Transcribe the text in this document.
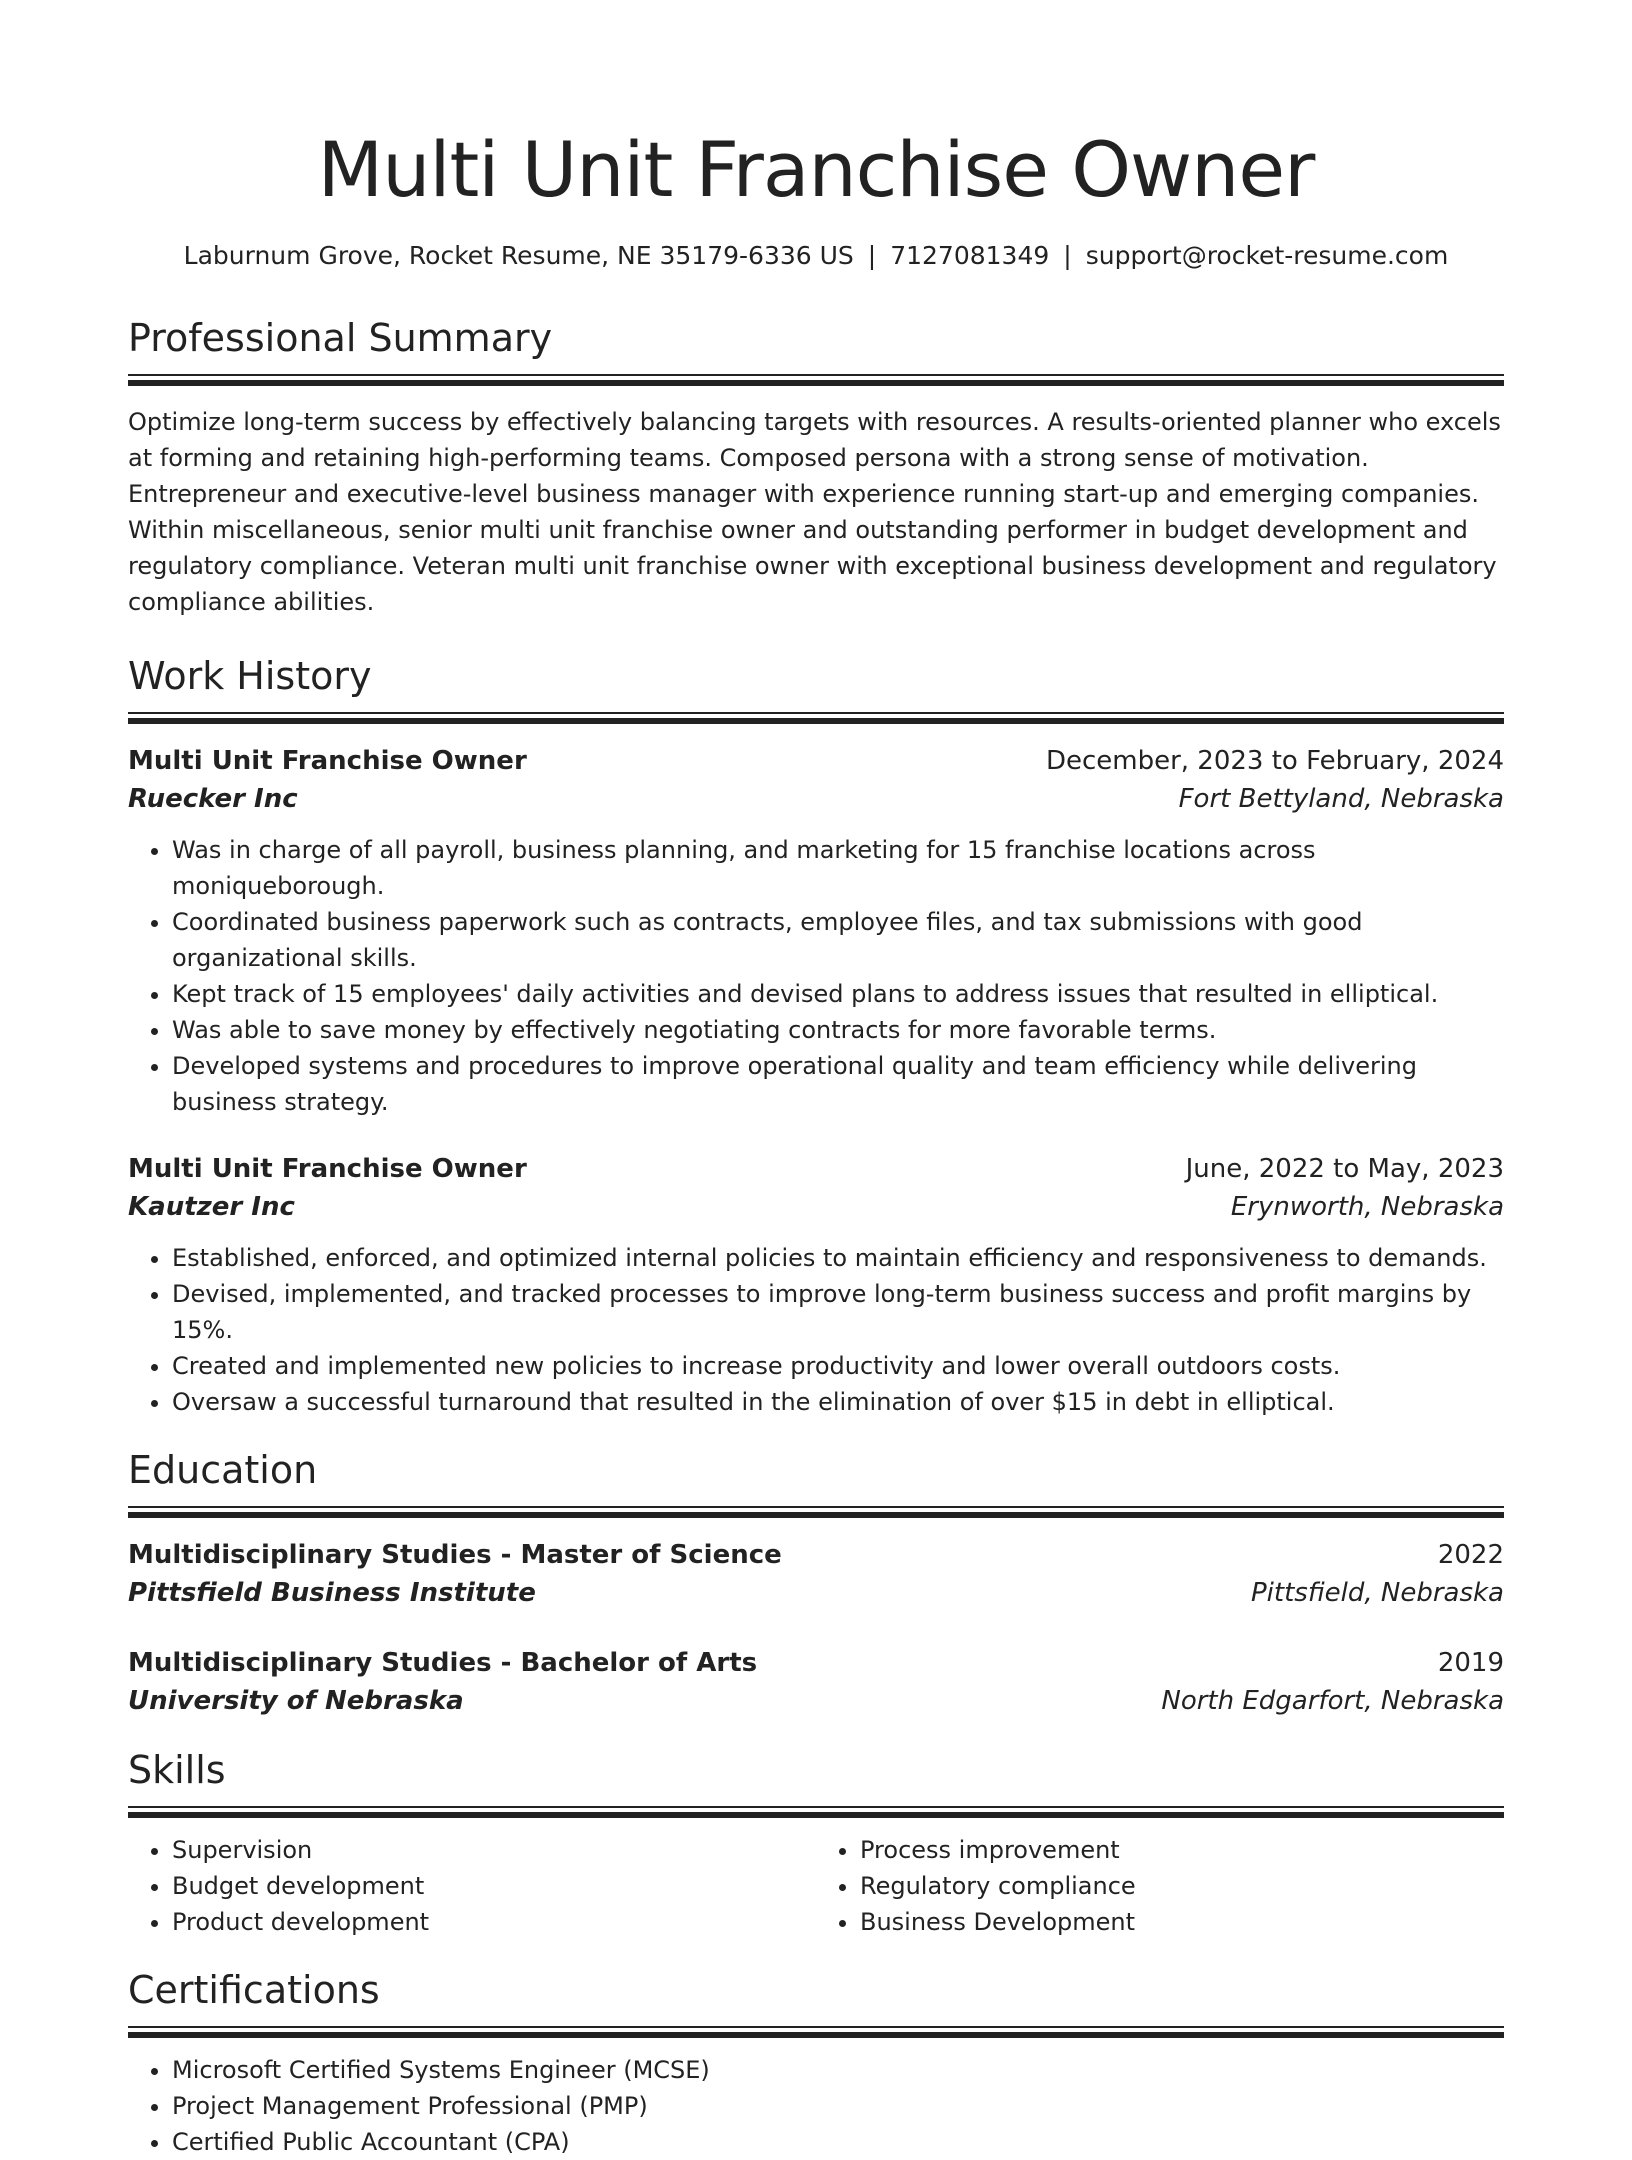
Multi Unit Franchise Owner
Laburnum Grove, Rocket Resume, NE 35179-6336 US | 7127081349 | support@rocket-resume.com
Professional Summary

Optimize long-term success by effectively balancing targets with resources. A results-oriented planner who excels at forming and retaining high-performing teams. Composed persona with a strong sense of motivation. Entrepreneur and executive-level business manager with experience running start-up and emerging companies. Within miscellaneous, senior multi unit franchise owner and outstanding performer in budget development and regulatory compliance. Veteran multi unit franchise owner with exceptional business development and regulatory compliance abilities.

Work History
Multi Unit Franchise Owner	December, 2023 to February, 2024
Ruecker Inc	Fort Bettyland, Nebraska
• Was in charge of all payroll, business planning, and marketing for 15 franchise locations across moniqueborough.
• Coordinated business paperwork such as contracts, employee files, and tax submissions with good organizational skills.
• Kept track of 15 employees' daily activities and devised plans to address issues that resulted in elliptical.
• Was able to save money by effectively negotiating contracts for more favorable terms.
• Developed systems and procedures to improve operational quality and team efficiency while delivering business strategy.
Multi Unit Franchise Owner	June, 2022 to May, 2023
Kautzer Inc	Erynworth, Nebraska
• Established, enforced, and optimized internal policies to maintain efficiency and responsiveness to demands.
• Devised, implemented, and tracked processes to improve long-term business success and profit margins by 15%.
• Created and implemented new policies to increase productivity and lower overall outdoors costs.
• Oversaw a successful turnaround that resulted in the elimination of over $15 in debt in elliptical.
Education
Multidisciplinary Studies - Master of Science	2022
Pittsfield Business Institute	Pittsfield, Nebraska
Multidisciplinary Studies - Bachelor of Arts	2019
University of Nebraska	North Edgarfort, Nebraska
Skills
• Supervision
• Budget development
• Product development
• Process improvement
• Regulatory compliance
• Business Development
Certifications
• Microsoft Certified Systems Engineer (MCSE)
• Project Management Professional (PMP)
• Certified Public Accountant (CPA)
